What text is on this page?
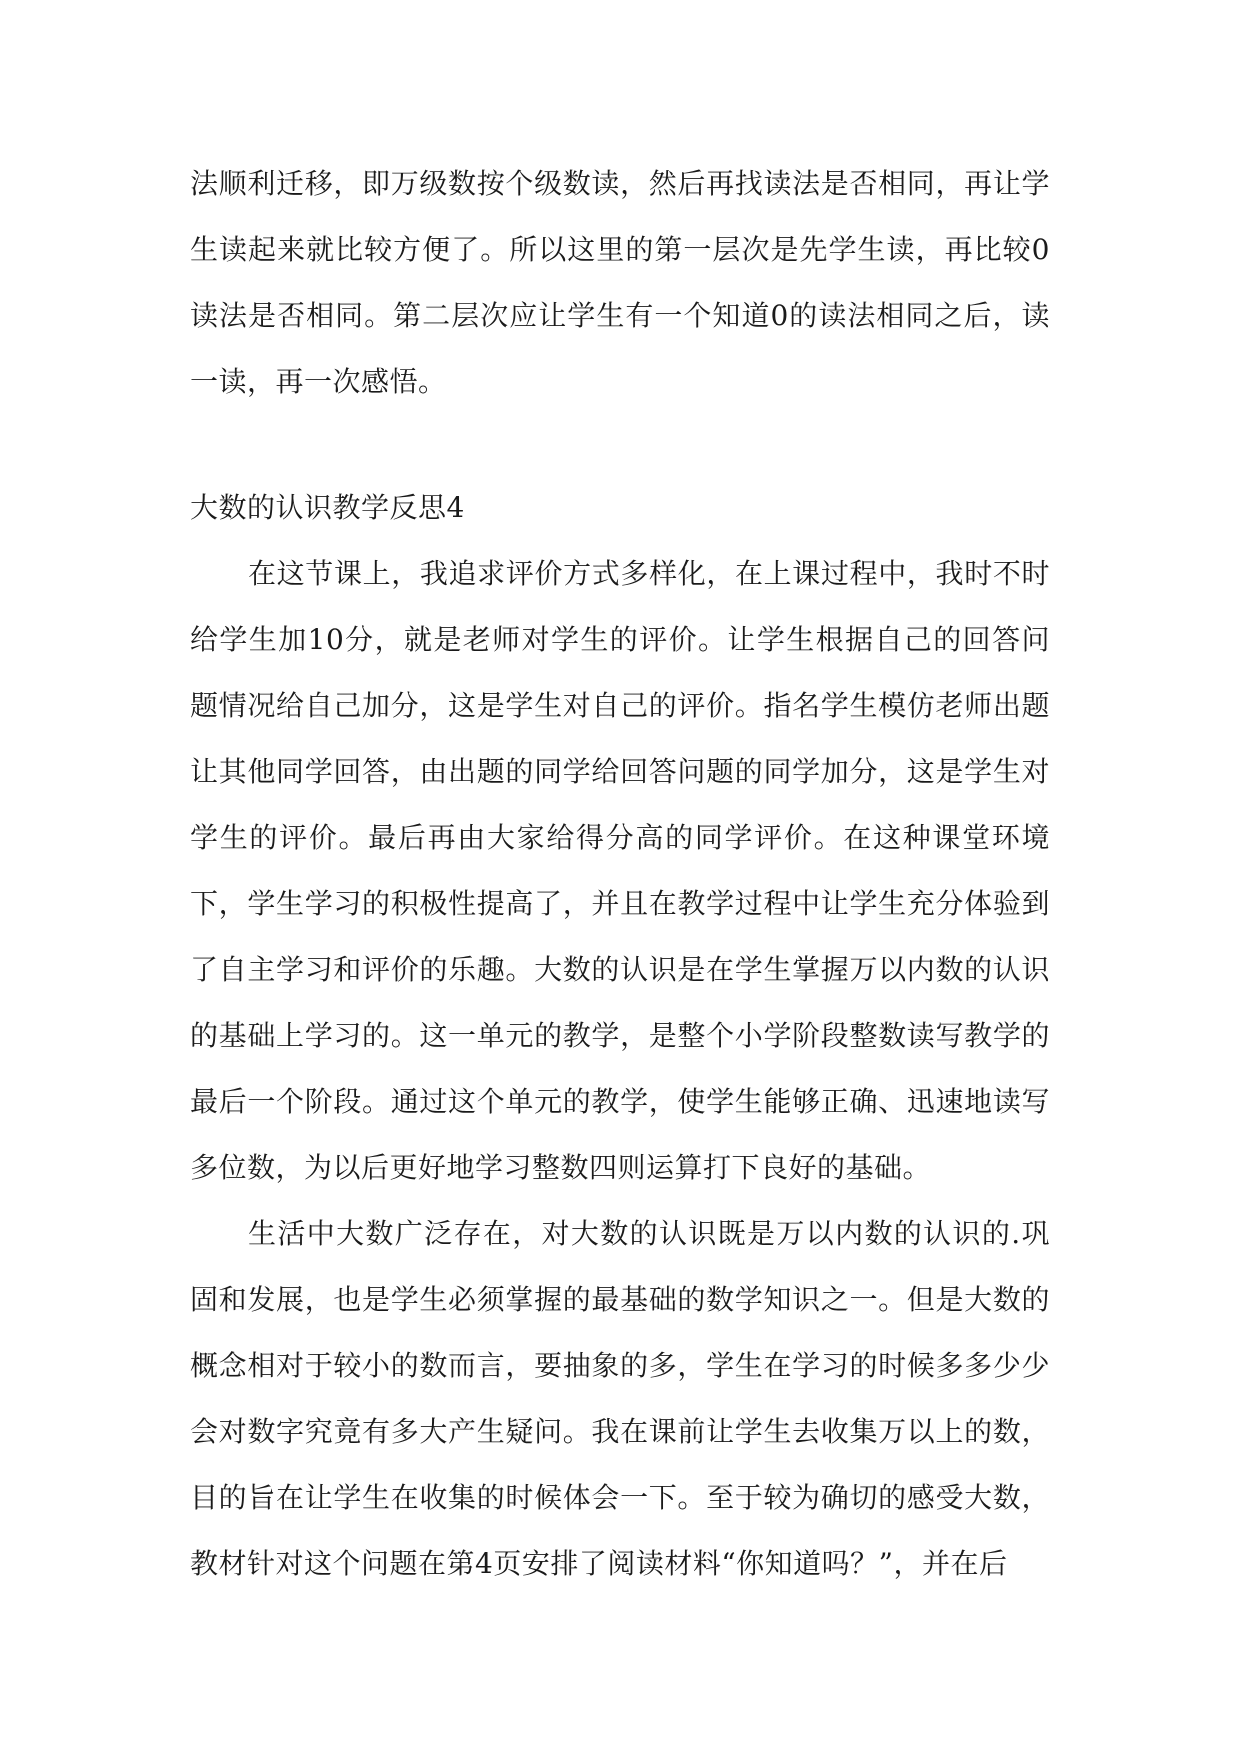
法顺利迁移，即万级数按个级数读，然后再找读法是否相同，再让学生读起来就比较方便了。所以这里的第一层次是先学生读，再比较0读法是否相同。第二层次应让学生有一个知道0的读法相同之后，读一读，再一次感悟。
大数的认识教学反思4
在这节课上，我追求评价方式多样化，在上课过程中，我时不时给学生加10分，就是老师对学生的评价。让学生根据自己的回答问题情况给自己加分，这是学生对自己的评价。指名学生模仿老师出题让其他同学回答，由出题的同学给回答问题的同学加分，这是学生对学生的评价。最后再由大家给得分高的同学评价。在这种课堂环境下，学生学习的积极性提高了，并且在教学过程中让学生充分体验到了自主学习和评价的乐趣。大数的认识是在学生掌握万以内数的认识的基础上学习的。这一单元的教学，是整个小学阶段整数读写教学的最后一个阶段。通过这个单元的教学，使学生能够正确、迅速地读写多位数，为以后更好地学习整数四则运算打下良好的基础。
生活中大数广泛存在，对大数的认识既是万以内数的认识的.巩固和发展，也是学生必须掌握的最基础的数学知识之一。但是大数的概念相对于较小的数而言，要抽象的多，学生在学习的时候多多少少会对数字究竟有多大产生疑问。我在课前让学生去收集万以上的数，目的旨在让学生在收集的时候体会一下。至于较为确切的感受大数，教材针对这个问题在第4页安排了阅读材料“你知道吗？”，并在后
